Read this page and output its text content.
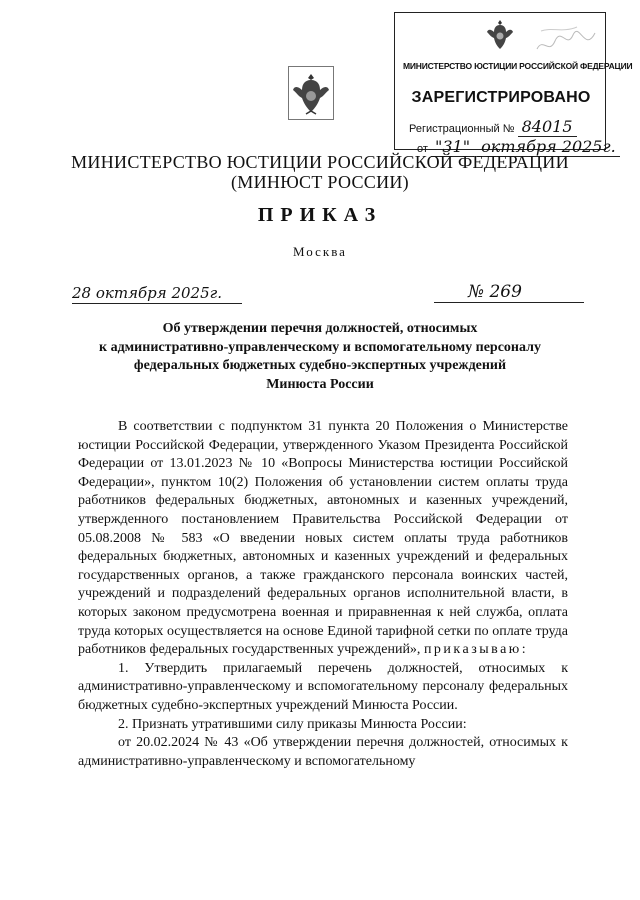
МИНИСТЕРСТВО ЮСТИЦИИ РОССИЙСКОЙ ФЕДЕРАЦИИ
ЗАРЕГИСТРИРОВАНО
Регистрационный № 84015
от "31" октября 2025г.
МИНИСТЕРСТВО ЮСТИЦИИ РОССИЙСКОЙ ФЕДЕРАЦИИ
(МИНЮСТ РОССИИ)
ПРИКАЗ
Москва
28 октября 2025г.	№ 269
Об утверждении перечня должностей, относимых
к административно-управленческому и вспомогательному персоналу
федеральных бюджетных судебно-экспертных учреждений
Минюста России

В соответствии с подпунктом 31 пункта 20 Положения о Министерстве юстиции Российской Федерации, утвержденного Указом Президента Российской Федерации от 13.01.2023 № 10 «Вопросы Министерства юстиции Российской Федерации», пунктом 10(2) Положения об установлении систем оплаты труда работников федеральных бюджетных, автономных и казенных учреждений, утвержденного постановлением Правительства Российской Федерации от 05.08.2008 № 583 «О введении новых систем оплаты труда работников федеральных бюджетных, автономных и казенных учреждений и федеральных государственных органов, а также гражданского персонала воинских частей, учреждений и подразделений федеральных органов исполнительной власти, в которых законом предусмотрена военная и приравненная к ней служба, оплата труда которых осуществляется на основе Единой тарифной сетки по оплате труда работников федеральных государственных учреждений», приказываю:

1. Утвердить прилагаемый перечень должностей, относимых к административно-управленческому и вспомогательному персоналу федеральных бюджетных судебно-экспертных учреждений Минюста России.

2. Признать утратившими силу приказы Минюста России:

от 20.02.2024 № 43 «Об утверждении перечня должностей, относимых к административно-управленческому и вспомогательному
